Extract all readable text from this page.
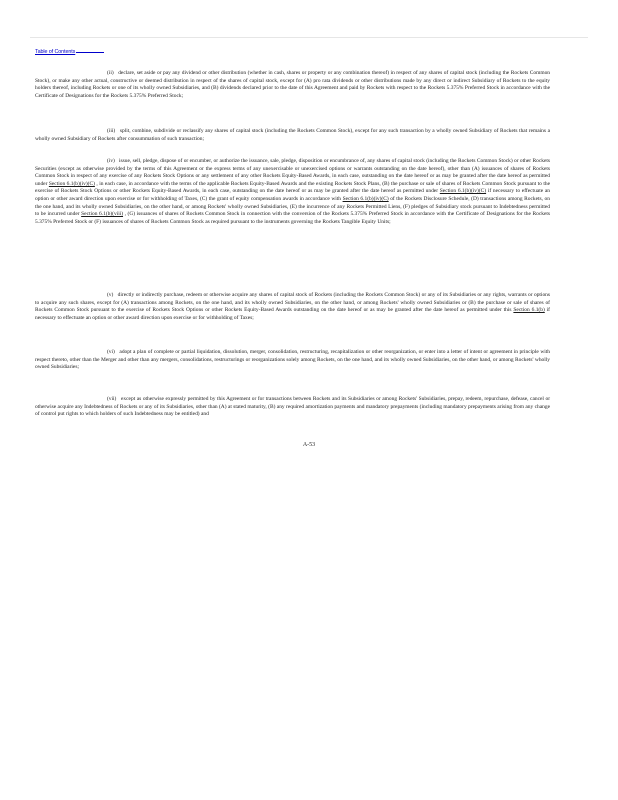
Table of Contents

(ii) declare, set aside or pay any dividend or other distribution (whether in cash, shares or property or any combination thereof) in respect of any shares of capital stock (including the Rockets Common Stock), or make any other actual, constructive or deemed distribution in respect of the shares of capital stock, except for (A) pro rata dividends or other distributions made by any direct or indirect Subsidiary of Rockets to the equity holders thereof, including Rockets or one of its wholly owned Subsidiaries, and (B) dividends declared prior to the date of this Agreement and paid by Rockets with respect to the Rockets 5.375% Preferred Stock in accordance with the Certificate of Designations for the Rockets 5.375% Preferred Stock;

(iii) split, combine, subdivide or reclassify any shares of capital stock (including the Rockets Common Stock), except for any such transaction by a wholly owned Subsidiary of Rockets that remains a wholly owned Subsidiary of Rockets after consummation of such transaction;

(iv) issue, sell, pledge, dispose of or encumber, or authorize the issuance, sale, pledge, disposition or encumbrance of, any shares of capital stock (including the Rockets Common Stock) or other Rockets Securities (except as otherwise provided by the terms of this Agreement or the express terms of any unexercisable or unexercised options or warrants outstanding on the date hereof), other than (A) issuances of shares of Rockets Common Stock in respect of any exercise of any Rockets Stock Options or any settlement of any other Rockets Equity-Based Awards, in each case, outstanding on the date hereof or as may be granted after the date hereof as permitted under Section 6.1(b)(iv)(C) , in each case, in accordance with the terms of the applicable Rockets Equity-Based Awards and the existing Rockets Stock Plans, (B) the purchase or sale of shares of Rockets Common Stock pursuant to the exercise of Rockets Stock Options or other Rockets Equity-Based Awards, in each case, outstanding on the date hereof or as may be granted after the date hereof as permitted under Section 6.1(b)(iv)(C) if necessary to effectuate an option or other award direction upon exercise or for withholding of Taxes, (C) the grant of equity compensation awards in accordance with Section 6.1(b)(iv)(C) of the Rockets Disclosure Schedule, (D) transactions among Rockets, on the one hand, and its wholly owned Subsidiaries, on the other hand, or among Rockets' wholly owned Subsidiaries, (E) the incurrence of any Rockets Permitted Liens, (F) pledges of Subsidiary stock pursuant to Indebtedness permitted to be incurred under Section 6.1(b)(viii) , (G) issuances of shares of Rockets Common Stock in connection with the conversion of the Rockets 5.375% Preferred Stock in accordance with the Certificate of Designations for the Rockets 5.375% Preferred Stock or (F) issuances of shares of Rockets Common Stock as required pursuant to the instruments governing the Rockets Tangible Equity Units;

(v) directly or indirectly purchase, redeem or otherwise acquire any shares of capital stock of Rockets (including the Rockets Common Stock) or any of its Subsidiaries or any rights, warrants or options to acquire any such shares, except for (A) transactions among Rockets, on the one hand, and its wholly owned Subsidiaries, on the other hand, or among Rockets' wholly owned Subsidiaries or (B) the purchase or sale of shares of Rockets Common Stock pursuant to the exercise of Rockets Stock Options or other Rockets Equity-Based Awards outstanding on the date hereof or as may be granted after the date hereof as permitted under this Section 6.1(b) if necessary to effectuate an option or other award direction upon exercise or for withholding of Taxes;

(vi) adopt a plan of complete or partial liquidation, dissolution, merger, consolidation, restructuring, recapitalization or other reorganization, or enter into a letter of intent or agreement in principle with respect thereto, other than the Merger and other than any mergers, consolidations, restructurings or reorganizations solely among Rockets, on the one hand, and its wholly owned Subsidiaries, on the other hand, or among Rockets' wholly owned Subsidiaries;

(vii) except as otherwise expressly permitted by this Agreement or for transactions between Rockets and its Subsidiaries or among Rockets' Subsidiaries, prepay, redeem, repurchase, defease, cancel or otherwise acquire any Indebtedness of Rockets or any of its Subsidiaries, other than (A) at stated maturity, (B) any required amortization payments and mandatory prepayments (including mandatory prepayments arising from any change of control put rights to which holders of such Indebtedness may be entitled) and

A-53
